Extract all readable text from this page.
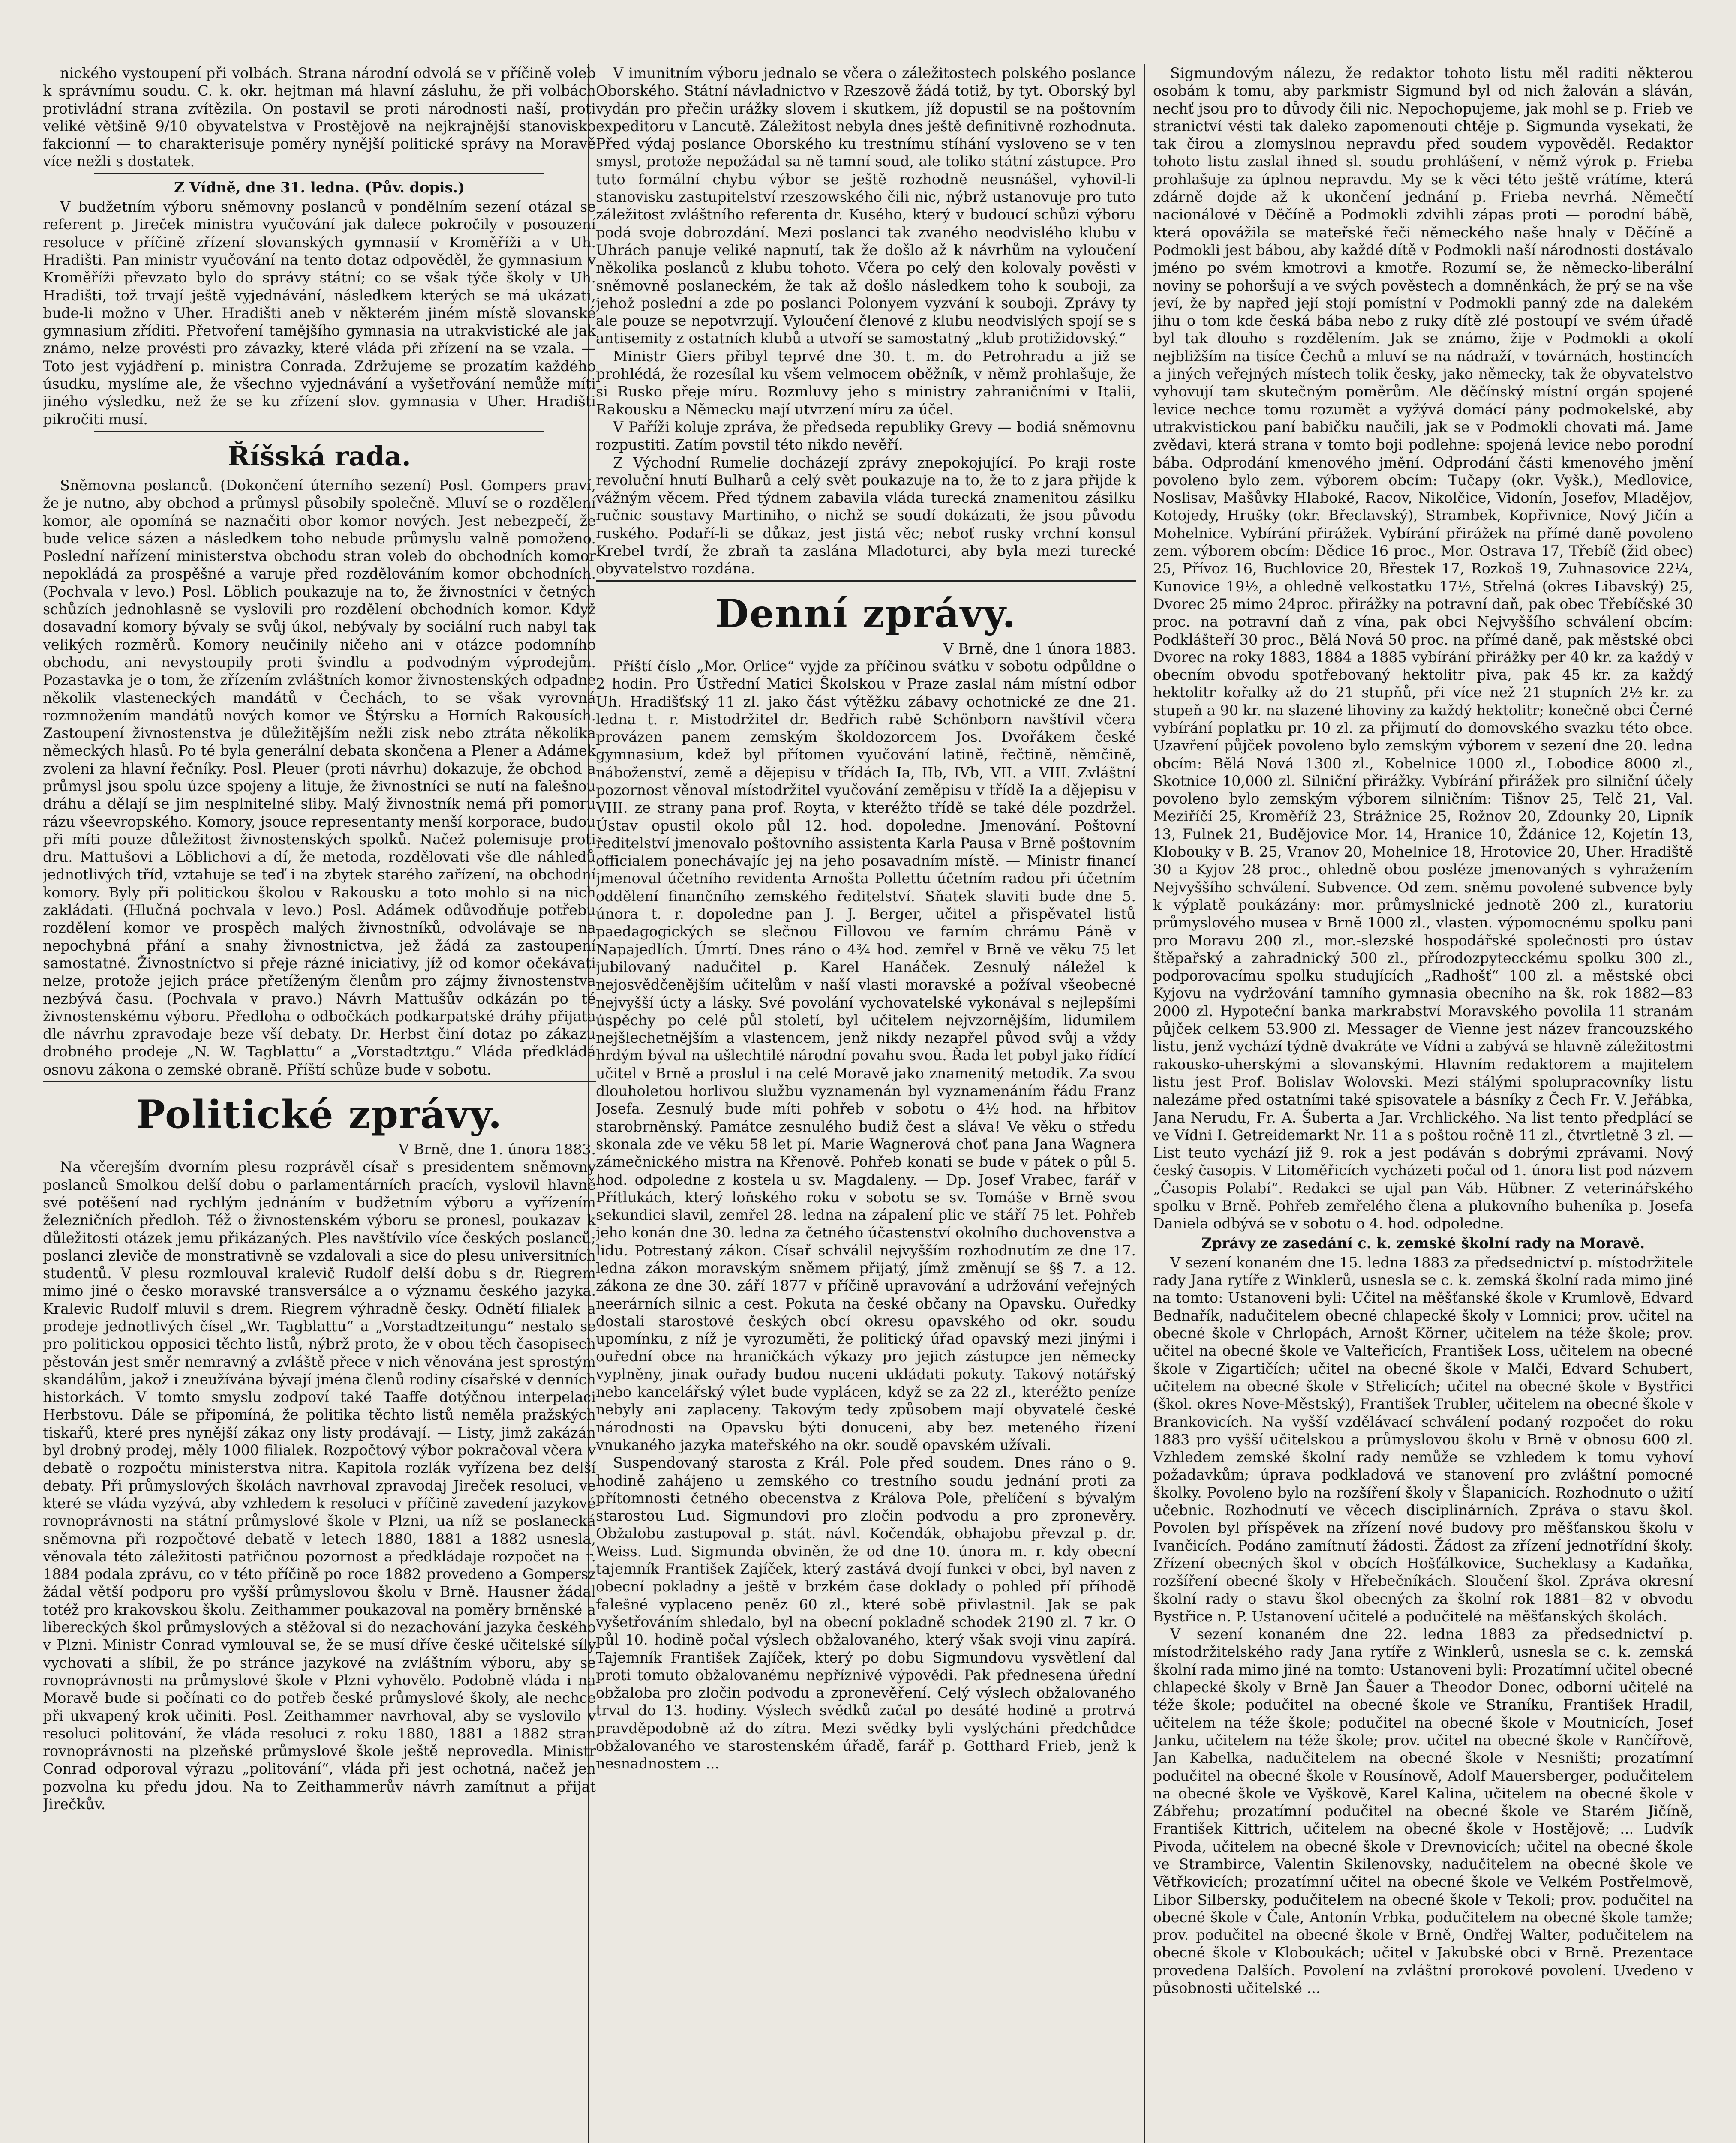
nického vystoupení při volbách. Strana národní odvolá se v příčině voleb k správnímu soudu. C. k. okr. hejtman má hlavní zásluhu, že při volbách protivládní strana zvítězila. On postavil se proti národnosti naší, proti veliké většině 9/10 obyvatelstva v Prostějově na nejkrajnější stanovisko fakcionní — to charakterisuje poměry nynější politické správy na Moravě více nežli s dostatek.

Z Vídně, dne 31. ledna. (Pův. dopis.)

V budžetním výboru sněmovny poslanců v pondělním sezení otázal se referent p. Jireček ministra vyučování jak dalece pokročily v posouzení resoluce v příčině zřízení slovanských gymnasií v Kroměříži a v Uh. Hradišti. Pan ministr vyučování na tento dotaz odpověděl, že gymnasium v Kroměříži převzato bylo do správy státní; co se však týče školy v Uh. Hradišti, tož trvají ještě vyjednávání, následkem kterých se má ukázati, bude-li možno v Uher. Hradišti aneb v některém jiném místě slovanské gymnasium zříditi. Přetvoření tamějšího gymnasia na utrakvistické ale jak známo, nelze provésti pro závazky, které vláda při zřízení na se vzala. — Toto jest vyjádření p. ministra Conrada. Zdržujeme se prozatím každého úsudku, myslíme ale, že všechno vyjednávání a vyšetřování nemůže míti jiného výsledku, než že se ku zřízení slov. gymnasia v Uher. Hradišti pikročiti musí.

Říšská rada.

Sněmovna poslanců. (Dokončení úterního sezení) Posl. Gompers praví, že je nutno, aby obchod a průmysl působily společně. Mluví se o rozdělení komor, ale opomíná se naznačiti obor komor nových. Jest nebezpečí, že bude velice sázen a následkem toho nebude průmyslu valně pomoženo. Poslední nařízení ministerstva obchodu stran voleb do obchodních komor nepokládá za prospěšné a varuje před rozdělováním komor obchodních. (Pochvala v levo.) Posl. Löblich poukazuje na to, že živnostníci v četných schůzích jednohlasně se vyslovili pro rozdělení obchodních komor. Když dosavadní komory bývaly se svůj úkol, nebývaly by sociální ruch nabyl tak velikých rozměrů. Komory neučinily ničeho ani v otázce podomního obchodu, ani nevystoupily proti švindlu a podvodným výprodejům. Pozastavka je o tom, že zřízením zvláštních komor živnostenských odpadne několik vlasteneckých mandátů v Čechách, to se však vyrovná rozmnožením mandátů nových komor ve Štýrsku a Horních Rakousích. Zastoupení živnostenstva je důležitějším nežli zisk nebo ztráta několika německých hlasů. Po té byla generální debata skončena a Plener a Adámek zvoleni za hlavní řečníky. Posl. Pleuer (proti návrhu) dokazuje, že obchod a průmysl jsou spolu úzce spojeny a lituje, že živnostníci se nutí na falešnou dráhu a dělají se jim nesplnitelné sliby. Malý živnostník nemá při pomoru rázu všeevropského. Komory, jsouce representanty menší korporace, budou při míti pouze důležitost živnostenských spolků. Načež polemisuje proti dru. Mattušovi a Löblichovi a dí, že metoda, rozdělovati vše dle náhledů jednotlivých tříd, vztahuje se teď i na zbytek starého zařízení, na obchodní komory. Byly při politickou školou v Rakousku a toto mohlo si na nich zakládati. (Hlučná pochvala v levo.) Posl. Adámek odůvodňuje potřebu rozdělení komor ve prospěch malých živnostníků, odvolávaje se na nepochybná přání a snahy živnostnictva, jež žádá za zastoupení samostatné. Živnostníctvo si přeje rázné iniciativy, jíž od komor očekávati nelze, protože jejich práce přetíženým členům pro zájmy živnostenstva nezbývá času. (Pochvala v pravo.) Návrh Mattušův odkázán po té živnostenskému výboru. Předloha o odbočkách podkarpatské dráhy přijata dle návrhu zpravodaje beze vší debaty. Dr. Herbst činí dotaz po zákazu drobného prodeje „N. W. Tagblattu“ a „Vorstadtztgu.“ Vláda předkládá osnovu zákona o zemské obraně. Příští schůze bude v sobotu.

Politické zprávy.

V Brně, dne 1. února 1883.

Na včerejším dvorním plesu rozprávěl císař s presidentem sněmovny poslanců Smolkou delší dobu o parlamentárních pracích, vyslovil hlavně své potěšení nad rychlým jednáním v budžetním výboru a vyřízením železničních předloh. Též o živnostenském výboru se pronesl, poukazav k důležitosti otázek jemu přikázaných. Ples navštívilo více českých poslanců; poslanci zleviče de monstrativně se vzdalovali a sice do plesu universitních studentů. V plesu rozmlouval kralevič Rudolf delší dobu s dr. Riegrem mimo jiné o česko moravské transversálce a o významu českého jazyka. Kralevic Rudolf mluvil s drem. Riegrem výhradně česky. Odnětí filialek a prodeje jednotlivých čísel „Wr. Tagblattu“ a „Vorstadtzeitungu“ nestalo se pro politickou opposici těchto listů, nýbrž proto, že v obou těch časopisech pěstován jest směr nemravný a zvláště přece v nich věnována jest sprostým skandálům, jakož i zneužívána bývají jména členů rodiny císařské v denních historkách. V tomto smyslu zodpoví také Taaffe dotýčnou interpelaci Herbstovu. Dále se připomíná, že politika těchto listů neměla pražských tiskařů, které pres nynější zákaz ony listy prodávají. — Listy, jimž zakázán byl drobný prodej, měly 1000 filialek. Rozpočtový výbor pokračoval včera v debatě o rozpočtu ministerstva nitra. Kapitola rozlák vyřízena bez delší debaty. Při průmyslových školách navrhoval zpravodaj Jireček resoluci, ve které se vláda vyzývá, aby vzhledem k resoluci v příčině zavedení jazykové rovnoprávnosti na státní průmyslové škole v Plzni, ua níž se poslanecká sněmovna při rozpočtové debatě v letech 1880, 1881 a 1882 usnesla, věnovala této záležitosti patřičnou pozornost a předkládaje rozpočet na r. 1884 podala zprávu, co v této příčině po roce 1882 provedeno a Gompersz žádal větší podporu pro vyšší průmyslovou školu v Brně. Hausner žádal totéž pro krakovskou školu. Zeithammer poukazoval na poměry brněnské a libereckých škol průmyslových a stěžoval si do nezachování jazyka českého v Plzni. Ministr Conrad vymlouval se, že se musí dříve české učitelské síly vychovati a slíbil, že po stránce jazykové na zvláštním výboru, aby se rovnoprávnosti na průmyslové škole v Plzni vyhovělo. Podobně vláda i na Moravě bude si počínati co do potřeb české průmyslové školy, ale nechce při ukvapený krok učiniti. Posl. Zeithammer navrhoval, aby se vyslovilo v resoluci politování, že vláda resoluci z roku 1880, 1881 a 1882 stran rovnoprávnosti na plzeňské průmyslové škole ještě neprovedla. Ministr Conrad odporoval výrazu „politování“, vláda při jest ochotná, načež jen pozvolna ku předu jdou. Na to Zeithammerův návrh zamítnut a přijat Jirečkův.

V imunitním výboru jednalo se včera o záležitostech polského poslance Oborského. Státní návladnictvo v Rzeszově žádá totiž, by tyt. Oborský byl vydán pro přečin urážky slovem i skutkem, jíž dopustil se na poštovním expeditoru v Lancutě. Záležitost nebyla dnes ještě definitivně rozhodnuta. Před výdaj poslance Oborského ku trestnímu stíhání vysloveno se v ten smysl, protože nepožádal sa ně tamní soud, ale toliko státní zástupce. Pro tuto formální chybu výbor se ještě rozhodně neusnášel, vyhovil-li stanovisku zastupitelství rzeszowského čili nic, nýbrž ustanovuje pro tuto záležitost zvláštního referenta dr. Kusého, který v budoucí schůzi výboru podá svoje dobrozdání. Mezi poslanci tak zvaného neodvislého klubu v Uhrách panuje veliké napnutí, tak že došlo až k návrhům na vyloučení několika poslanců z klubu tohoto. Včera po celý den kolovaly pověsti v sněmovně poslaneckém, že tak až došlo následkem toho k souboji, za jehož poslední a zde po poslanci Polonyem vyzvání k souboji. Zprávy ty ale pouze se nepotvrzují. Vyloučení členové z klubu neodvislých spojí se s antisemity z ostatních klubů a utvoří se samostatný „klub protižidovský.“

Ministr Giers přibyl teprvé dne 30. t. m. do Petrohradu a již se prohlédá, že rozesílal ku všem velmocem oběžník, v němž prohlašuje, že si Rusko přeje míru. Rozmluvy jeho s ministry zahraničními v Italii, Rakousku a Německu mají utvrzení míru za účel.

V Paříži koluje zpráva, že předseda republiky Grevy — bodiá sněmovnu rozpustiti. Zatím povstil této nikdo nevěří.

Z Východní Rumelie docházejí zprávy znepokojující. Po kraji roste revoluční hnutí Bulharů a celý svět poukazuje na to, že to z jara přijde k vážným věcem. Před týdnem zabavila vláda turecká znamenitou zásilku ručnic soustavy Martiniho, o nichž se soudí dokázati, že jsou původu ruského. Podaří-li se důkaz, jest jistá věc; neboť rusky vrchní konsul Krebel tvrdí, že zbraň ta zaslána Mladoturci, aby byla mezi turecké obyvatelstvo rozdána.

Denní zprávy.

V Brně, dne 1 února 1883.

Příští číslo „Mor. Orlice“ vyjde za příčinou svátku v sobotu odpůldne o 2 hodin. Pro Ústřední Matici Školskou v Praze zaslal nám místní odbor Uh. Hradišťský 11 zl. jako část výtěžku zábavy ochotnické ze dne 21. ledna t. r. Mistodržitel dr. Bedřich rabě Schönborn navštívil včera provázen panem zemským školdozorcem Jos. Dvořákem české gymnasium, kdež byl přítomen vyučování latině, řečtině, němčině, náboženství, země a dějepisu v třídách Ia, IIb, IVb, VII. a VIII. Zvláštní pozornost věnoval místodržitel vyučování zeměpisu v třídě Ia a dějepisu v VIII. ze strany pana prof. Royta, v kteréžto třídě se také déle pozdržel. Ústav opustil okolo půl 12. hod. dopoledne. Jmenování. Poštovní ředitelství jmenovalo poštovního assistenta Karla Pausa v Brně poštovním officialem ponechávajíc jej na jeho posavadním místě. — Ministr financí jmenoval účetního revidenta Arnošta Pollettu účetním radou při účetním oddělení finančního zemského ředitelství. Sňatek slaviti bude dne 5. února t. r. dopoledne pan J. J. Berger, učitel a přispěvatel listů paedagogických se slečnou Fillovou ve farním chrámu Páně v Napajedlích. Úmrtí. Dnes ráno o 4¾ hod. zemřel v Brně ve věku 75 let jubilovaný nadučitel p. Karel Hanáček. Zesnulý náležel k nejosvědčenějším učitelům v naší vlasti moravské a požíval všeobecné nejvyšší úcty a lásky. Své povolání vychovatelské vykonával s nejlepšími úspěchy po celé půl století, byl učitelem nejvzornějším, lidumilem nejšlechetnějším a vlastencem, jenž nikdy nezapřel původ svůj a vždy hrdým býval na ušlechtilé národní povahu svou. Řada let pobyl jako řídící učitel v Brně a proslul i na celé Moravě jako znamenitý metodik. Za svou dlouholetou horlivou službu vyznamenán byl vyznamenáním řádu Franz Josefa. Zesnulý bude míti pohřeb v sobotu o 4½ hod. na hřbitov starobrněnský. Památce zesnulého budiž čest a sláva! Ve věku o středu skonala zde ve věku 58 let pí. Marie Wagnerová choť pana Jana Wagnera zámečnického mistra na Křenově. Pohřeb konati se bude v pátek o půl 5. hod. odpoledne z kostela u sv. Magdaleny. — Dp. Josef Vrabec, farář v Přítlukách, který loňského roku v sobotu se sv. Tomáše v Brně svou sekundici slavil, zemřel 28. ledna na zápalení plic ve stáří 75 let. Pohřeb jeho konán dne 30. ledna za četného účastenství okolního duchovenstva a lidu. Potrestaný zákon. Císař schválil nejvyšším rozhodnutím ze dne 17. ledna zákon moravským sněmem přijatý, jímž změnují se §§ 7. a 12. zákona ze dne 30. září 1877 v příčině upravování a udržování veřejných neerárních silnic a cest. Pokuta na české občany na Opavsku. Ouředky dostali starostové českých obcí okresu opavského od okr. soudu upomínku, z níž je vyrozuměti, že politický úřad opavský mezi jinými i ouřední obce na hraničkách výkazy pro jejich zástupce jen německy vyplněny, jinak ouřady budou nuceni ukládati pokuty. Takový notářský nebo kancelářský výlet bude vyplácen, když se za 22 zl., kteréžto peníze nebyly ani zaplaceny. Takovým tedy způsobem mají obyvatelé české národnosti na Opavsku býti donuceni, aby bez meteného řízení vnukaného jazyka mateřského na okr. soudě opavském užívali.

Suspendovaný starosta z Král. Pole před soudem. Dnes ráno o 9. hodině zahájeno u zemského co trestního soudu jednání proti za přítomnosti četného obecenstva z Králova Pole, přelíčení s bývalým starostou Lud. Sigmundovi pro zločin podvodu a pro zpronevěry. Obžalobu zastupoval p. stát. návl. Kočendák, obhajobu převzal p. dr. Weiss. Lud. Sigmunda obviněn, že od dne 10. února m. r. kdy obecní tajemník František Zajíček, který zastává dvojí funkci v obci, byl naven z obecní pokladny a ještě v brzkém čase doklady o pohled pří příhodě falešné vyplaceno peněz 60 zl., které sobě přivlastnil. Jak se pak vyšetřováním shledalo, byl na obecní pokladně schodek 2190 zl. 7 kr. O půl 10. hodině počal výslech obžalovaného, který však svoji vinu zapírá. Tajemník František Zajíček, který po dobu Sigmundovu vysvětlení dal proti tomuto obžalovanému nepříznivé výpovědi. Pak přednesena úřední obžaloba pro zločin podvodu a zpronevěření. Celý výslech obžalovaného trval do 13. hodiny. Výslech svědků začal po desáté hodině a protrvá pravděpodobně až do zítra. Mezi svědky byli vyslýcháni předchůdce obžalovaného ve starostenském úřadě, farář p. Gotthard Frieb, jenž k nesnadnostem ...

Sigmundovým nálezu, že redaktor tohoto listu měl raditi některou osobám k tomu, aby parkmistr Sigmund byl od nich žalován a sláván, nechť jsou pro to důvody čili nic. Nepochopujeme, jak mohl se p. Frieb ve stranictví vésti tak daleko zapomenouti chtěje p. Sigmunda vysekati, že tak čirou a zlomyslnou nepravdu před soudem vypověděl. Redaktor tohoto listu zaslal ihned sl. soudu prohlášení, v němž výrok p. Frieba prohlašuje za úplnou nepravdu. My se k věci této ještě vrátíme, která zdárně dojde až k ukončení jednání p. Frieba nevrhá. Němečtí nacionálové v Děčíně a Podmokli zdvihli zápas proti — porodní bábě, která opovážila se mateřské řeči německého naše hnaly v Děčíně a Podmokli jest bábou, aby každé dítě v Podmokli naší národnosti dostávalo jméno po svém kmotrovi a kmotře. Rozumí se, že německo-liberální noviny se pohoršují a ve svých pověstech a domněnkách, že prý se na vše jeví, že by napřed její stojí pomístní v Podmokli panný zde na dalekém jihu o tom kde česká bába nebo z ruky dítě zlé postoupí ve svém úřadě byl tak dlouho s rozdělením. Jak se známo, žije v Podmokli a okolí nejbližším na tisíce Čechů a mluví se na nádraží, v továrnách, hostincích a jiných veřejných místech tolik česky, jako německy, tak že obyvatelstvo vyhovují tam skutečným poměrům. Ale děčínský místní orgán spojené levice nechce tomu rozumět a vyžývá domácí pány podmokelské, aby utrakvistickou paní babičku naučili, jak se v Podmokli chovati má. Jame zvědavi, která strana v tomto boji podlehne: spojená levice nebo porodní bába. Odprodání kmenového jmění. Odprodání části kmenového jmění povoleno bylo zem. výborem obcím: Tučapy (okr. Vyšk.), Medlovice, Noslisav, Mašůvky Hlaboké, Racov, Nikolčice, Vidonín, Josefov, Mladějov, Kotojedy, Hrušky (okr. Břeclavský), Strambek, Kopřivnice, Nový Jičín a Mohelnice. Vybírání přirážek. Vybírání přirážek na přímé daně povoleno zem. výborem obcím: Dědice 16 proc., Mor. Ostrava 17, Třebíč (žid obec) 25, Přívoz 16, Buchlovice 20, Břestek 17, Rozkoš 19, Zuhnasovice 22¼, Kunovice 19½, a ohledně velkostatku 17½, Střelná (okres Libavský) 25, Dvorec 25 mimo 24proc. přirážky na potravní daň, pak obec Třebíčské 30 proc. na potravní daň z vína, pak obci Nejvyššího schválení obcím: Podklášteří 30 proc., Bělá Nová 50 proc. na přímé daně, pak městské obci Dvorec na roky 1883, 1884 a 1885 vybírání přirážky per 40 kr. za každý v obecním obvodu spotřebovaný hektolitr piva, pak 45 kr. za každý hektolitr kořalky až do 21 stupňů, při více než 21 stupních 2½ kr. za stupeň a 90 kr. na slazené lihoviny za každý hektolitr; konečně obci Černé vybírání poplatku pr. 10 zl. za přijmutí do domovského svazku této obce. Uzavření půjček povoleno bylo zemským výborem v sezení dne 20. ledna obcím: Bělá Nová 1300 zl., Kobelnice 1000 zl., Lobodice 8000 zl., Skotnice 10,000 zl. Silniční přirážky. Vybírání přirážek pro silniční účely povoleno bylo zemským výborem silničním: Tišnov 25, Telč 21, Val. Meziříčí 25, Kroměříž 23, Strážnice 25, Rožnov 20, Zdounky 20, Lipník 13, Fulnek 21, Budějovice Mor. 14, Hranice 10, Ždánice 12, Kojetín 13, Klobouky v B. 25, Vranov 20, Mohelnice 18, Hrotovice 20, Uher. Hradiště 30 a Kyjov 28 proc., ohledně obou posléze jmenovaných s vyhražením Nejvyššího schválení. Subvence. Od zem. sněmu povolené subvence byly k výplatě poukázány: mor. průmyslnické jednotě 200 zl., kuratoriu průmyslového musea v Brně 1000 zl., vlasten. výpomocnému spolku pani pro Moravu 200 zl., mor.-slezské hospodářské společnosti pro ústav štěpařský a zahradnický 500 zl., přírodozpytecckému spolku 300 zl., podporovacímu spolku studujících „Radhošť“ 100 zl. a městské obci Kyjovu na vydržování tamního gymnasia obecního na šk. rok 1882—83 2000 zl. Hypoteční banka markrabství Moravského povolila 11 stranám půjček celkem 53.900 zl. Messager de Vienne jest název francouzského listu, jenž vychází týdně dvakráte ve Vídni a zabývá se hlavně záležitostmi rakousko-uherskými a slovanskými. Hlavním redaktorem a majitelem listu jest Prof. Bolislav Wolovski. Mezi stálými spolupracovníky listu nalezáme před ostatními také spisovatele a básníky z Čech Fr. V. Jeřábka, Jana Nerudu, Fr. A. Šuberta a Jar. Vrchlického. Na list tento předplácí se ve Vídni I. Getreidemarkt Nr. 11 a s poštou ročně 11 zl., čtvrtletně 3 zl. — List teuto vychází již 9. rok a jest podáván s dobrými zprávami. Nový český časopis. V Litoměřicích vycházeti počal od 1. února list pod názvem „Časopis Polabí“. Redakci se ujal pan Váb. Hübner. Z veterinářského spolku v Brně. Pohřeb zemřelého člena a plukovního buheníka p. Josefa Daniela odbývá se v sobotu o 4. hod. odpoledne.

Zprávy ze zasedání c. k. zemské školní rady na Moravě.

V sezení konaném dne 15. ledna 1883 za předsednictví p. místodržitele rady Jana rytíře z Winklerů, usnesla se c. k. zemská školní rada mimo jiné na tomto: Ustanoveni byli: Učitel na měšťanské škole v Krumlově, Edvard Bednařík, nadučitelem obecné chlapecké školy v Lomnici; prov. učitel na obecné škole v Chrlopách, Arnošt Körner, učitelem na téže škole; prov. učitel na obecné škole ve Valteřicích, František Loss, učitelem na obecné škole v Zigartičích; učitel na obecné škole v Malči, Edvard Schubert, učitelem na obecné škole v Střelicích; učitel na obecné škole v Bystřici (škol. okres Nove-Městský), František Trubler, učitelem na obecné škole v Brankovicích. Na vyšší vzdělávací schválení podaný rozpočet do roku 1883 pro vyšší učitelskou a průmyslovou školu v Brně v obnosu 600 zl. Vzhledem zemské školní rady nemůže se vzhledem k tomu vyhoví požadavkům; úprava podkladová ve stanovení pro zvláštní pomocné školky. Povoleno bylo na rozšíření školy v Šlapanicích. Rozhodnuto o užití učebnic. Rozhodnutí ve věcech disciplinárních. Zpráva o stavu škol. Povolen byl příspěvek na zřízení nové budovy pro měšťanskou školu v Ivančicích. Podáno zamítnutí žádosti. Žádost za zřízení jednotřídní školy. Zřízení obecných škol v obcích Hošťálkovice, Sucheklasy a Kadaňka, rozšíření obecné školy v Hřebečníkách. Sloučení škol. Zpráva okresní školní rady o stavu škol obecných za školní rok 1881—82 v obvodu Bystřice n. P. Ustanovení učitelé a podučitelé na měšťanských školách.

V sezení konaném dne 22. ledna 1883 za předsednictví p. místodržitelského rady Jana rytíře z Winklerů, usnesla se c. k. zemská školní rada mimo jiné na tomto: Ustanoveni byli: Prozatímní učitel obecné chlapecké školy v Brně Jan Šauer a Theodor Donec, odborní učitelé na téže škole; podučitel na obecné škole ve Straníku, František Hradil, učitelem na téže škole; podučitel na obecné škole v Moutnicích, Josef Janku, učitelem na téže škole; prov. učitel na obecné škole v Rančířově, Jan Kabelka, nadučitelem na obecné škole v Nesništi; prozatímní podučitel na obecné škole v Rousínově, Adolf Mauersberger, podučitelem na obecné škole ve Vyškově, Karel Kalina, učitelem na obecné škole v Zábřehu; prozatímní podučitel na obecné škole ve Starém Jičíně, František Kittrich, učitelem na obecné škole v Hostějově; ... Ludvík Pivoda, učitelem na obecné škole v Drevnovicích; učitel na obecné škole ve Strambirce, Valentin Skilenovsky, nadučitelem na obecné škole ve Větřkovicích; prozatímní učitel na obecné škole ve Velkém Postřelmově, Libor Silbersky, podučitelem na obecné škole v Tekoli; prov. podučitel na obecné škole v Čale, Antonín Vrbka, podučitelem na obecné škole tamže; prov. podučitel na obecné škole v Brně, Ondřej Walter, podučitelem na obecné škole v Kloboukách; učitel v Jakubské obci v Brně. Prezentace provedena Dalších. Povolení na zvláštní prorokové povolení. Uvedeno v působnosti učitelské ...
